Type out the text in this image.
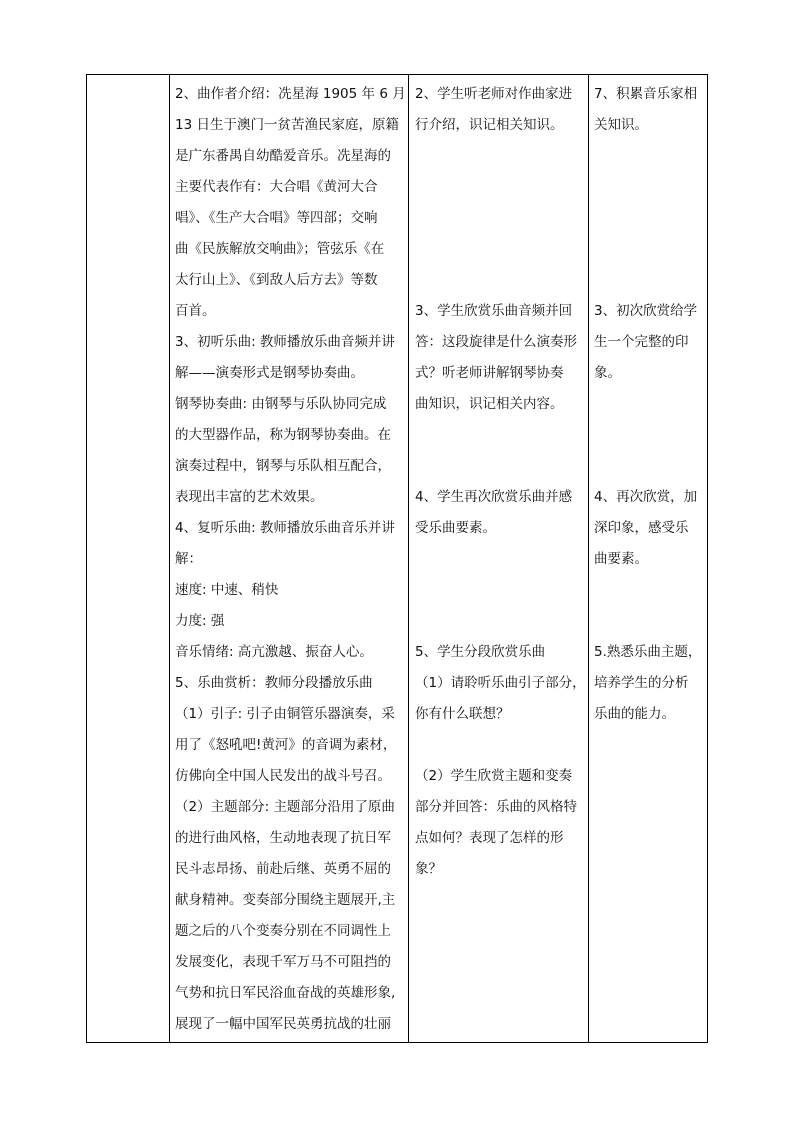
2、曲作者介绍：冼星海 1905 年 6 月
13 日生于澳门一贫苦渔民家庭，原籍
是广东番禺自幼酷爱音乐。冼星海的
主要代表作有：大合唱《黄河大合
唱》、《生产大合唱》等四部；交响
曲《民族解放交响曲》；管弦乐《在
太行山上》、《到敌人后方去》等数
百首。
3、初听乐曲: 教师播放乐曲音频并讲
解——演奏形式是钢琴协奏曲。
钢琴协奏曲: 由钢琴与乐队协同完成
的大型器作品，称为钢琴协奏曲。在
演奏过程中，钢琴与乐队相互配合，
表现出丰富的艺术效果。
4、复听乐曲: 教师播放乐曲音乐并讲
解：
速度: 中速、稍快
力度: 强
音乐情绪: 高亢激越、振奋人心。
5、乐曲赏析：教师分段播放乐曲
（1）引子: 引子由铜管乐器演奏，采
用了《怒吼吧!黄河》的音调为素材，
仿佛向全中国人民发出的战斗号召。
（2）主题部分: 主题部分沿用了原曲
的进行曲风格，生动地表现了抗日军
民斗志昂扬、前赴后继、英勇不屈的
献身精神。变奏部分围绕主题展开,主
题之后的八个变奏分别在不同调性上
发展变化，表现千军万马不可阻挡的
气势和抗日军民浴血奋战的英雄形象,
展现了一幅中国军民英勇抗战的壮丽
2、学生听老师对作曲家进
行介绍，识记相关知识。
3、学生欣赏乐曲音频并回
答：这段旋律是什么演奏形
式？听老师讲解钢琴协奏
曲知识，识记相关内容。
4、学生再次欣赏乐曲并感
受乐曲要素。
5、学生分段欣赏乐曲
（1）请聆听乐曲引子部分，
你有什么联想？
（2）学生欣赏主题和变奏
部分并回答：乐曲的风格特
点如何？表现了怎样的形
象？
7、积累音乐家相
关知识。
3、初次欣赏给学
生一个完整的印
象。
4、再次欣赏，加
深印象，感受乐
曲要素。
5.熟悉乐曲主题，
培养学生的分析
乐曲的能力。
